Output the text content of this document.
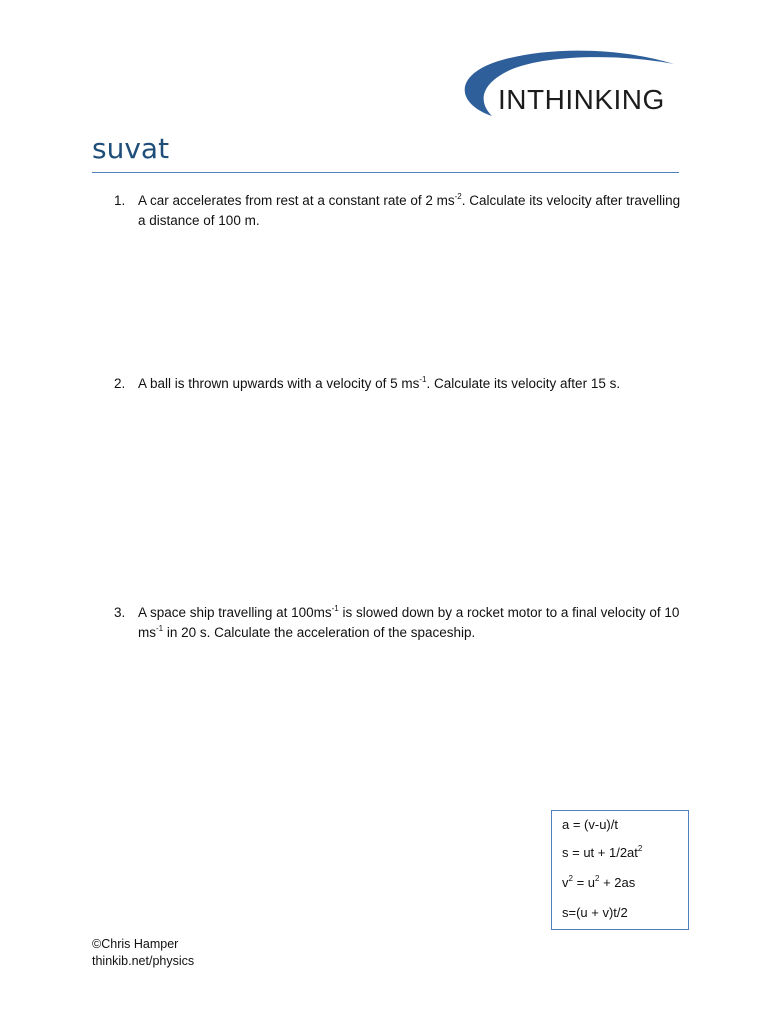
INTHINKING
suvat
1. A car accelerates from rest at a constant rate of 2 $ms^{-2}$. Calculate its velocity after travelling a distance of 100 m.
2. A ball is thrown upwards with a velocity of 5 $ms^{-1}$. Calculate its velocity after 15 s.
3. A space ship travelling at $100ms^{-1}$ is slowed down by a rocket motor to a final velocity of 10 $ms^{-1}$ in 20 s. Calculate the acceleration of the spaceship.
a = (v-u)/t
s = ut + $1/2at^2$
$v^2 = u^2 + 2as$
s=(u + v)t/2
©Chris Hamper
thinkib.net/physics
